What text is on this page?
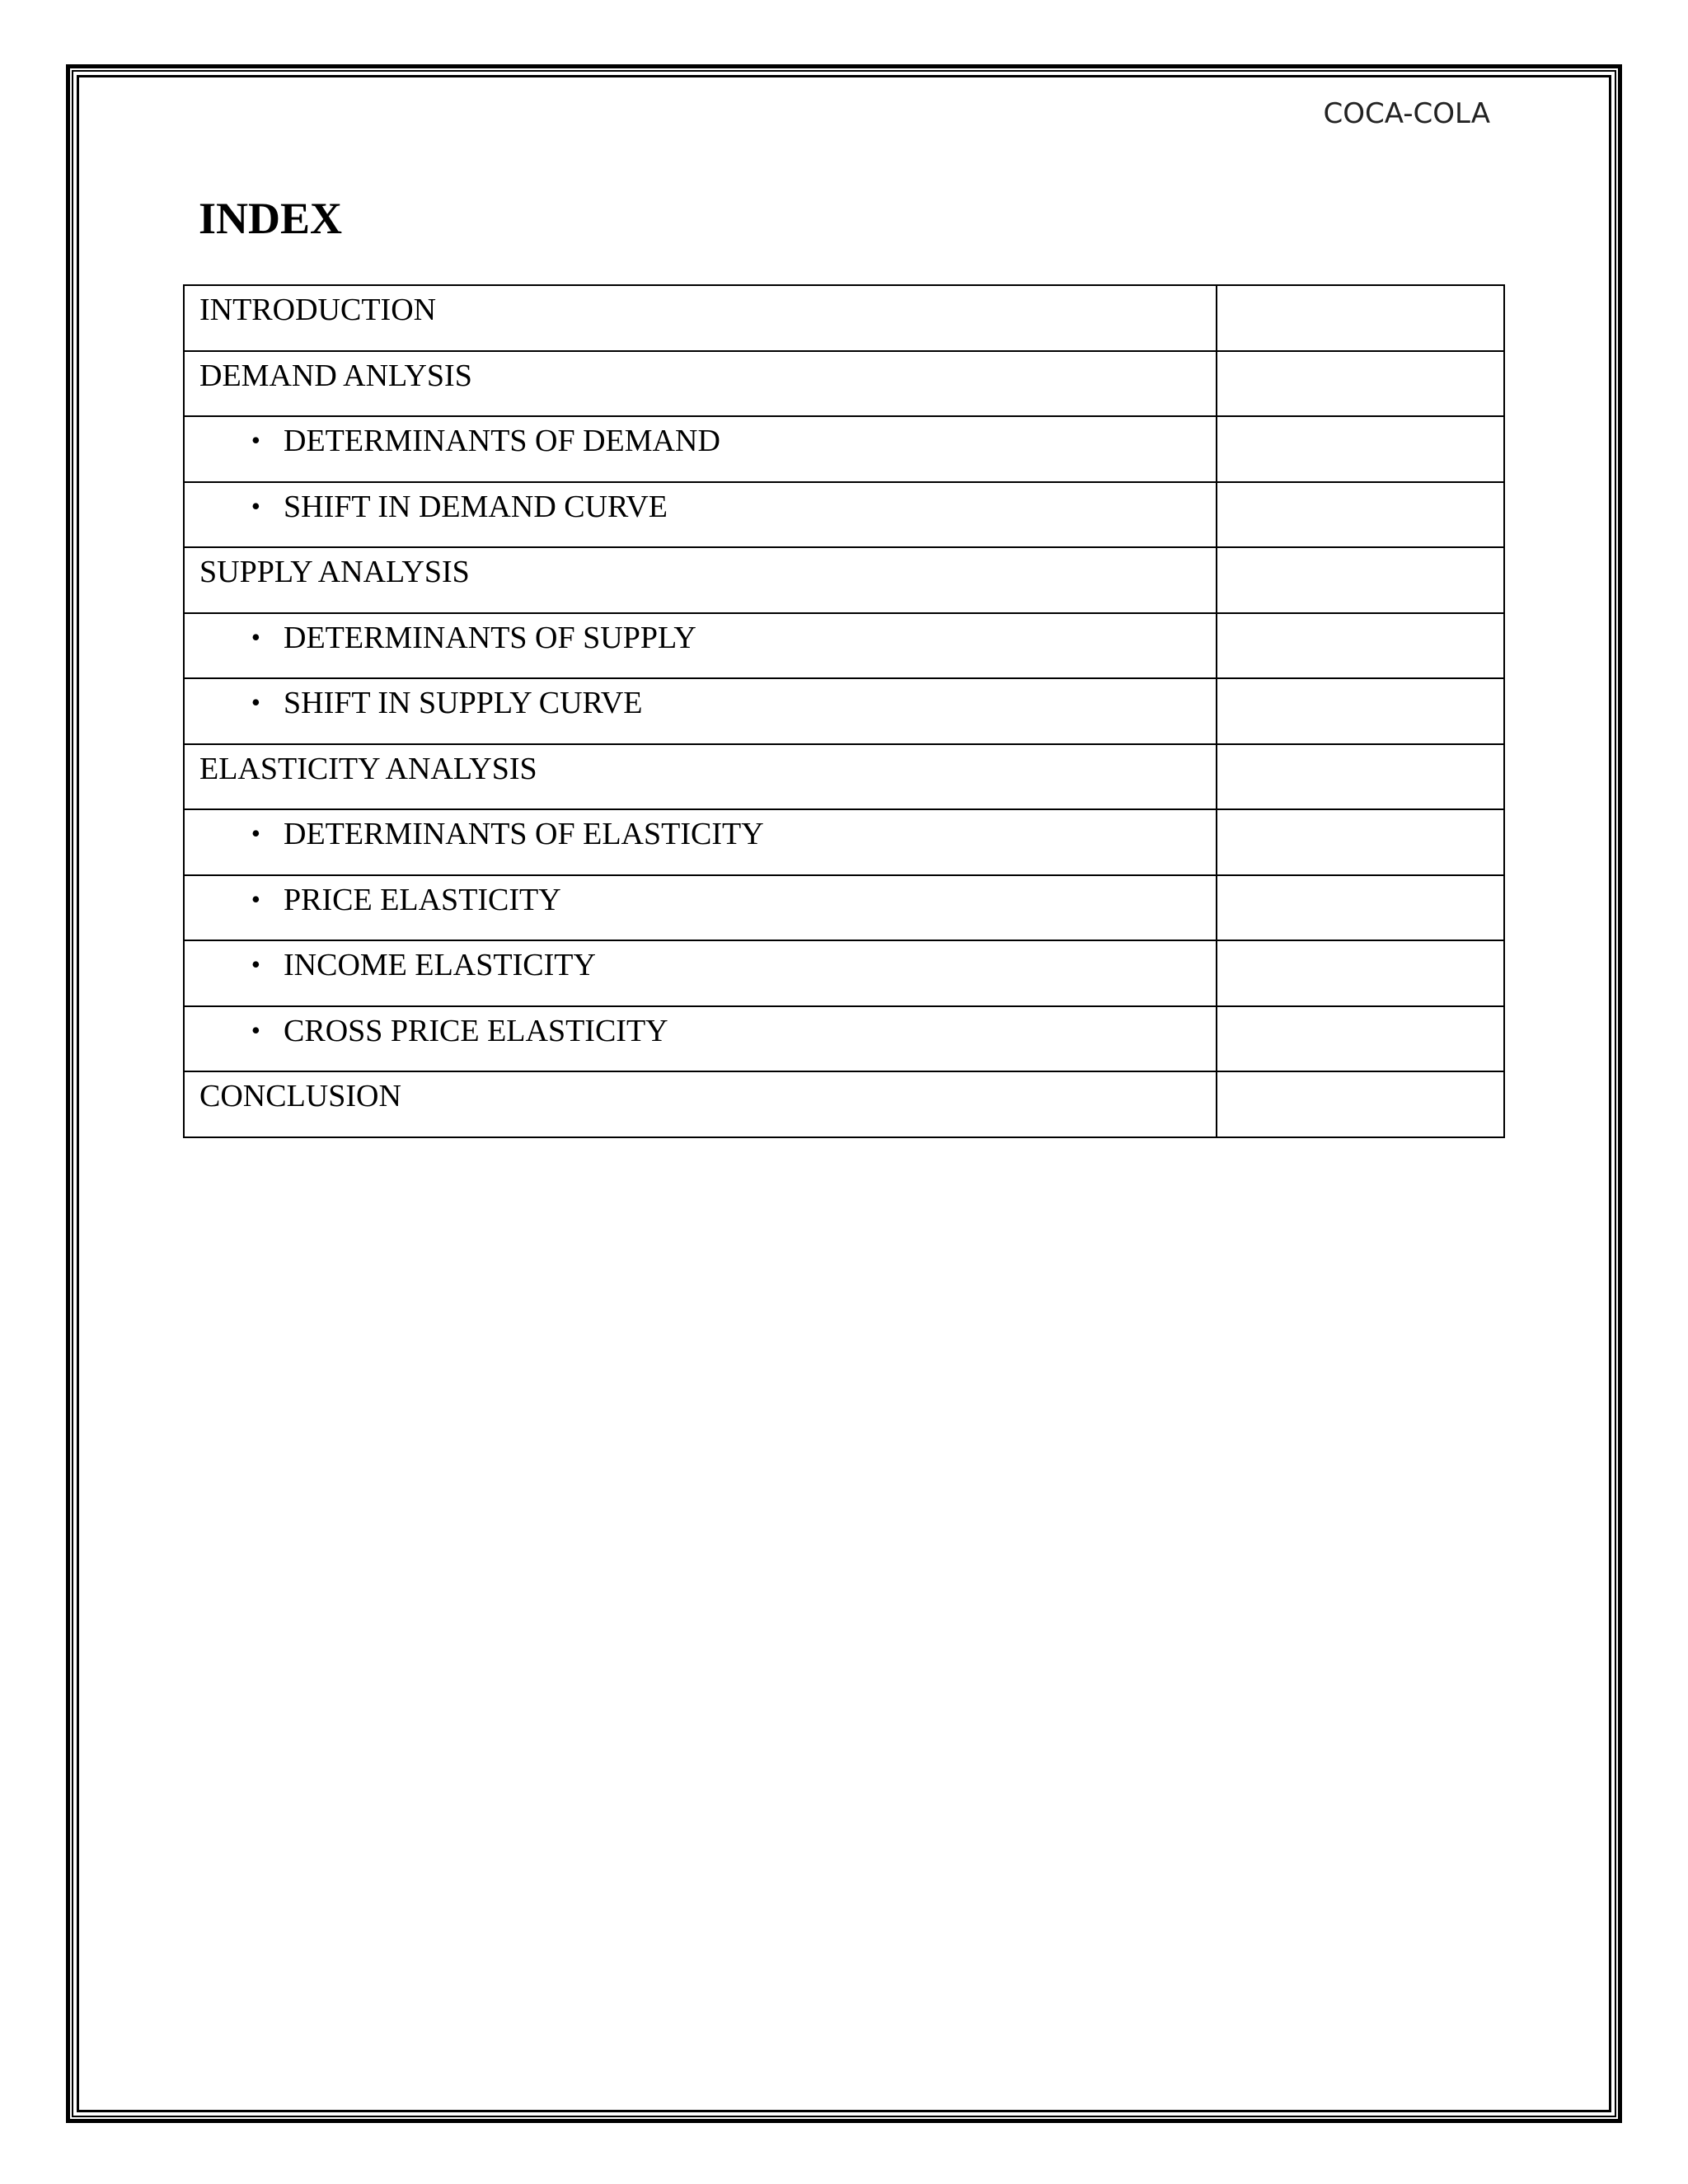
COCA-COLA
INDEX
INTRODUCTION	

DEMAND ANLYSIS	

• DETERMINANTS OF DEMAND	

• SHIFT IN DEMAND CURVE	

SUPPLY ANALYSIS	

• DETERMINANTS OF SUPPLY	

• SHIFT IN SUPPLY CURVE	

ELASTICITY ANALYSIS	

• DETERMINANTS OF ELASTICITY	

• PRICE ELASTICITY	

• INCOME ELASTICITY	

• CROSS PRICE ELASTICITY	

CONCLUSION	
